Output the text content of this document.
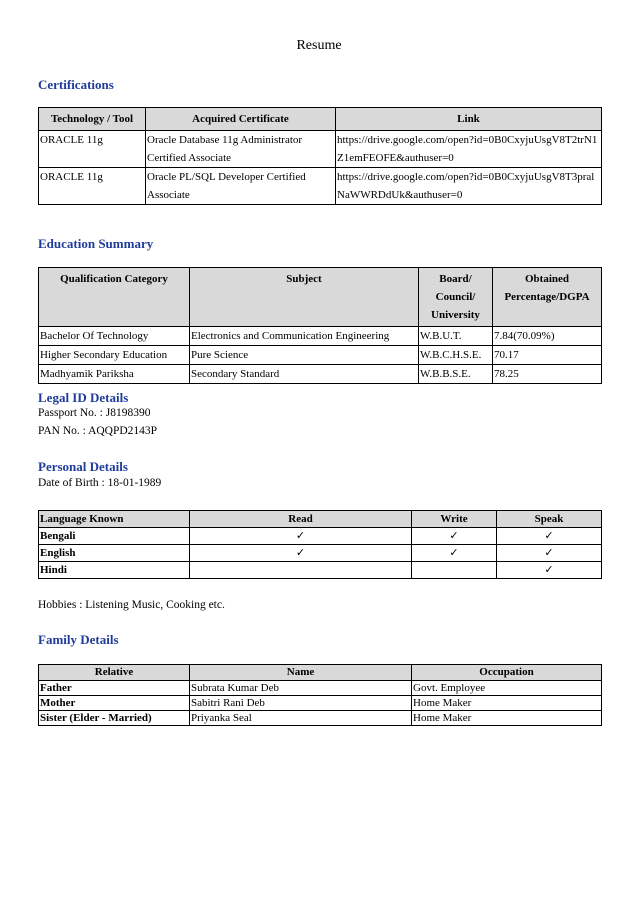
Resume
Certifications
Technology / Tool	Acquired Certificate	Link
ORACLE 11g	Oracle Database 11g Administrator Certified Associate	https://drive.google.com/open?id=0B0CxyjuUsgV8T2trN1Z1emFEOFE&authuser=0
ORACLE 11g	Oracle PL/SQL Developer Certified Associate	https://drive.google.com/open?id=0B0CxyjuUsgV8T3pralNaWWRDdUk&authuser=0
Education Summary
Qualification Category	Subject	Board/ Council/ University	Obtained Percentage/DGPA
Bachelor Of Technology	Electronics and Communication Engineering	W.B.U.T.	7.84(70.09%)
Higher Secondary Education	Pure Science	W.B.C.H.S.E.	70.17
Madhyamik Pariksha	Secondary Standard	W.B.B.S.E.	78.25
Legal ID Details
Passport No. : J8198390
PAN No. : AQQPD2143P
Personal Details
Date of Birth : 18-01-1989
Language Known	Read	Write	Speak
Bengali	✓	✓	✓
English	✓	✓	✓
Hindi			✓
Hobbies : Listening Music, Cooking etc.
Family Details
Relative	Name	Occupation
Father	Subrata Kumar Deb	Govt. Employee
Mother	Sabitri Rani Deb	Home Maker
Sister (Elder - Married)	Priyanka Seal	Home Maker
